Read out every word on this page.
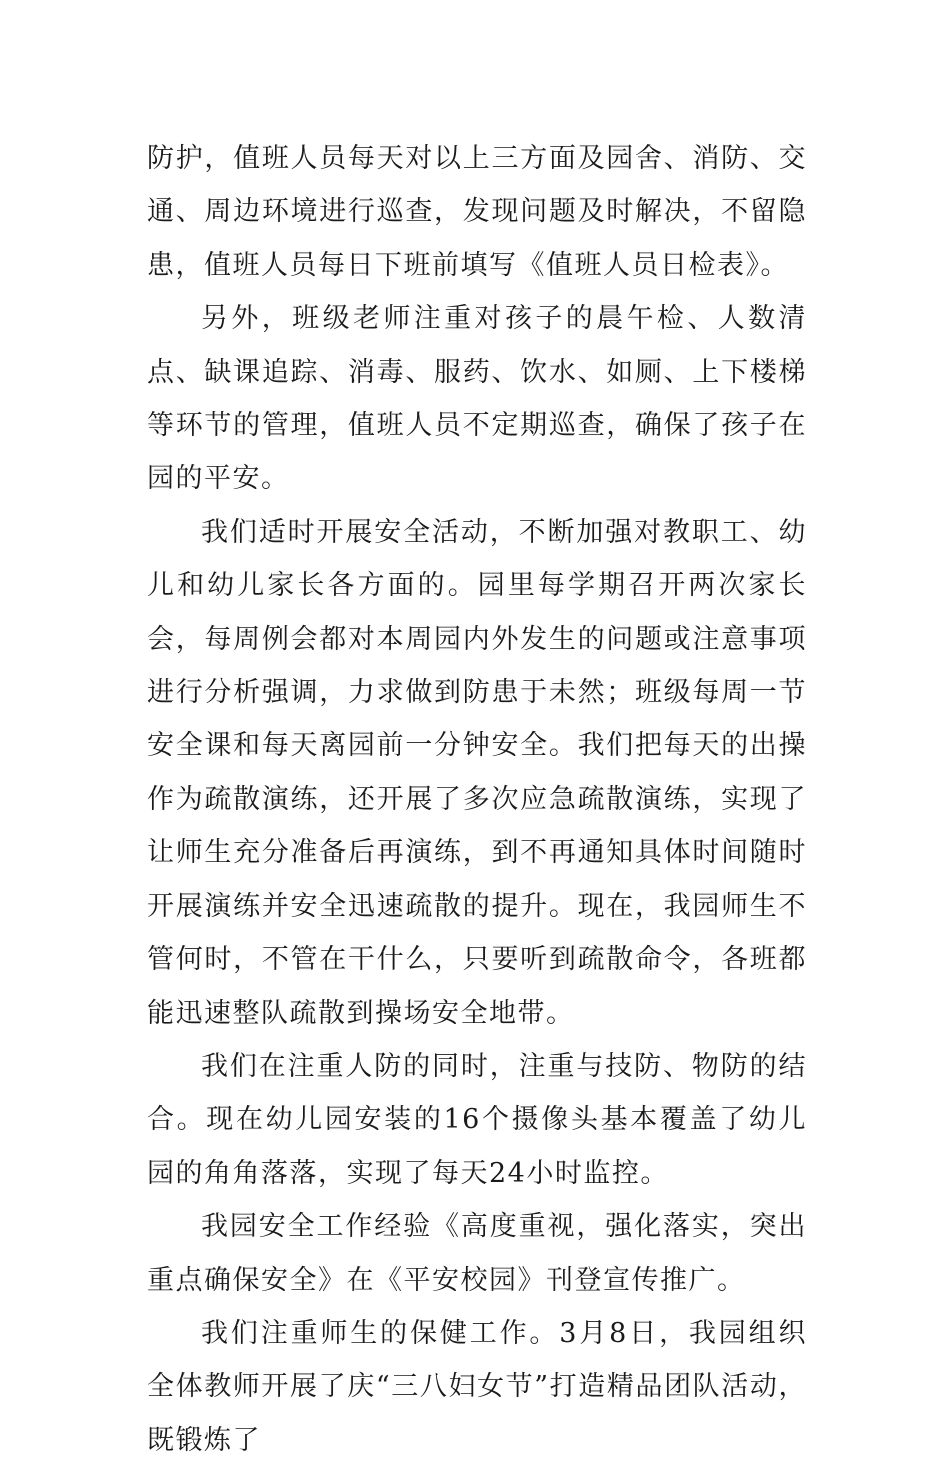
防护，值班人员每天对以上三方面及园舍、消防、交通、周边环境进行巡查，发现问题及时解决，不留隐患，值班人员每日下班前填写《值班人员日检表》。

另外，班级老师注重对孩子的晨午检、人数清点、缺课追踪、消毒、服药、饮水、如厕、上下楼梯等环节的管理，值班人员不定期巡查，确保了孩子在园的平安。

我们适时开展安全活动，不断加强对教职工、幼儿和幼儿家长各方面的。园里每学期召开两次家长会，每周例会都对本周园内外发生的问题或注意事项进行分析强调，力求做到防患于未然；班级每周一节安全课和每天离园前一分钟安全。我们把每天的出操作为疏散演练，还开展了多次应急疏散演练，实现了让师生充分准备后再演练，到不再通知具体时间随时开展演练并安全迅速疏散的提升。现在，我园师生不管何时，不管在干什么，只要听到疏散命令，各班都能迅速整队疏散到操场安全地带。

我们在注重人防的同时，注重与技防、物防的结合。现在幼儿园安装的16个摄像头基本覆盖了幼儿园的角角落落，实现了每天24小时监控。

我园安全工作经验《高度重视，强化落实，突出重点确保安全》在《平安校园》刊登宣传推广。

我们注重师生的保健工作。3月8日，我园组织全体教师开展了庆“三八妇女节”打造精品团队活动，既锻炼了
